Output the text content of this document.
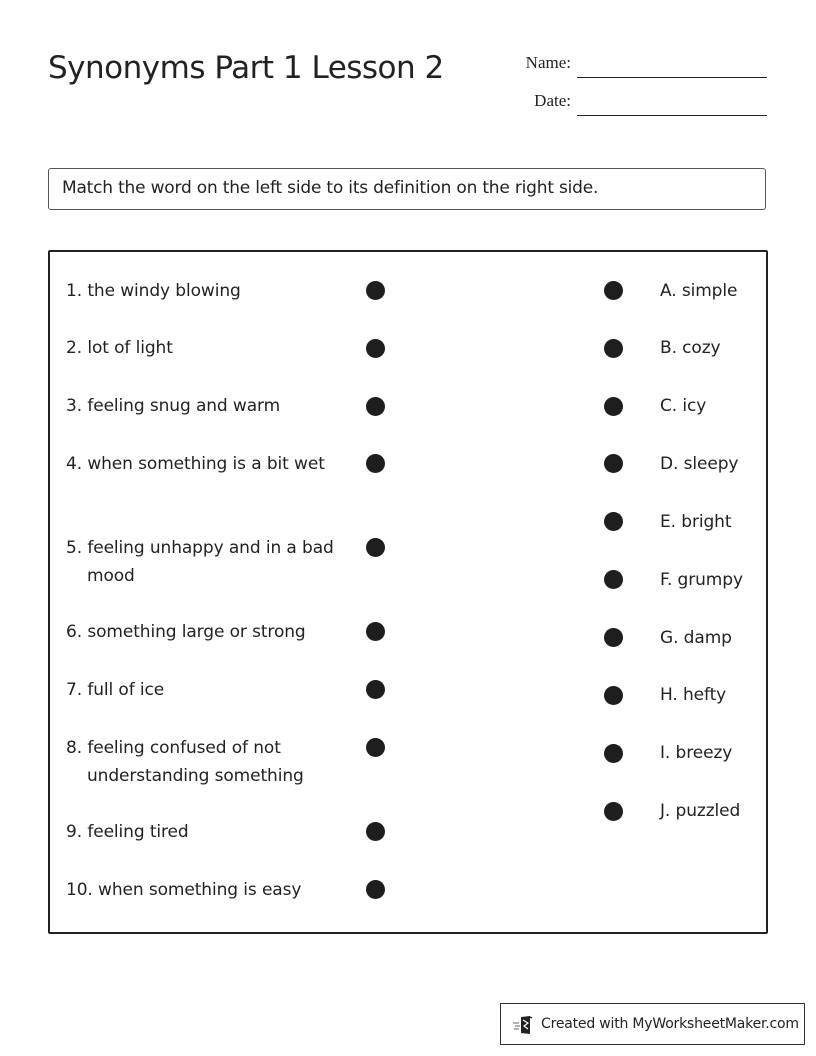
Synonyms Part 1 Lesson 2	Name:
Date:
Match the word on the left side to its definition on the right side.
1. the windy blowing
2. lot of light
3. feeling snug and warm
4. when something is a bit wet
5. feeling unhappy and in a bad mood
6. something large or strong
7. full of ice
8. feeling confused of not understanding something
9. feeling tired
10. when something is easy
A. simple
B. cozy
C. icy
D. sleepy
E. bright
F. grumpy
G. damp
H. hefty
I. breezy
J. puzzled
Created with MyWorksheetMaker.com
